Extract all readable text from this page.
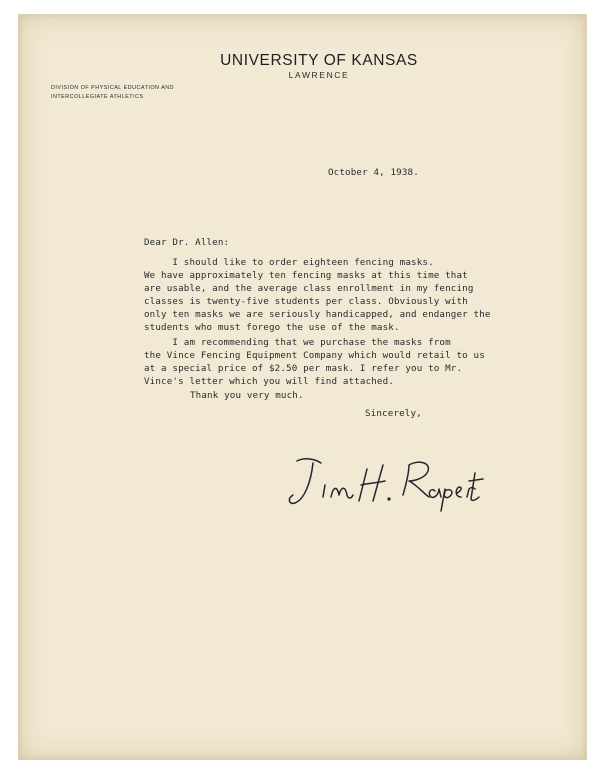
UNIVERSITY OF KANSAS
LAWRENCE
DIVISION OF PHYSICAL EDUCATION AND
INTERCOLLEGIATE ATHLETICS
October 4, 1938.
Dear Dr. Allen:
I should like to order eighteen fencing masks.
We have approximately ten fencing masks at this time that
are usable, and the average class enrollment in my fencing
classes is twenty-five students per class. Obviously with
only ten masks we are seriously handicapped, and endanger the
students who must forego the use of the mask.
I am recommending that we purchase the masks from
the Vince Fencing Equipment Company which would retail to us
at a special price of $2.50 per mask. I refer you to Mr.
Vince's letter which you will find attached.
Thank you very much.
Sincerely,
